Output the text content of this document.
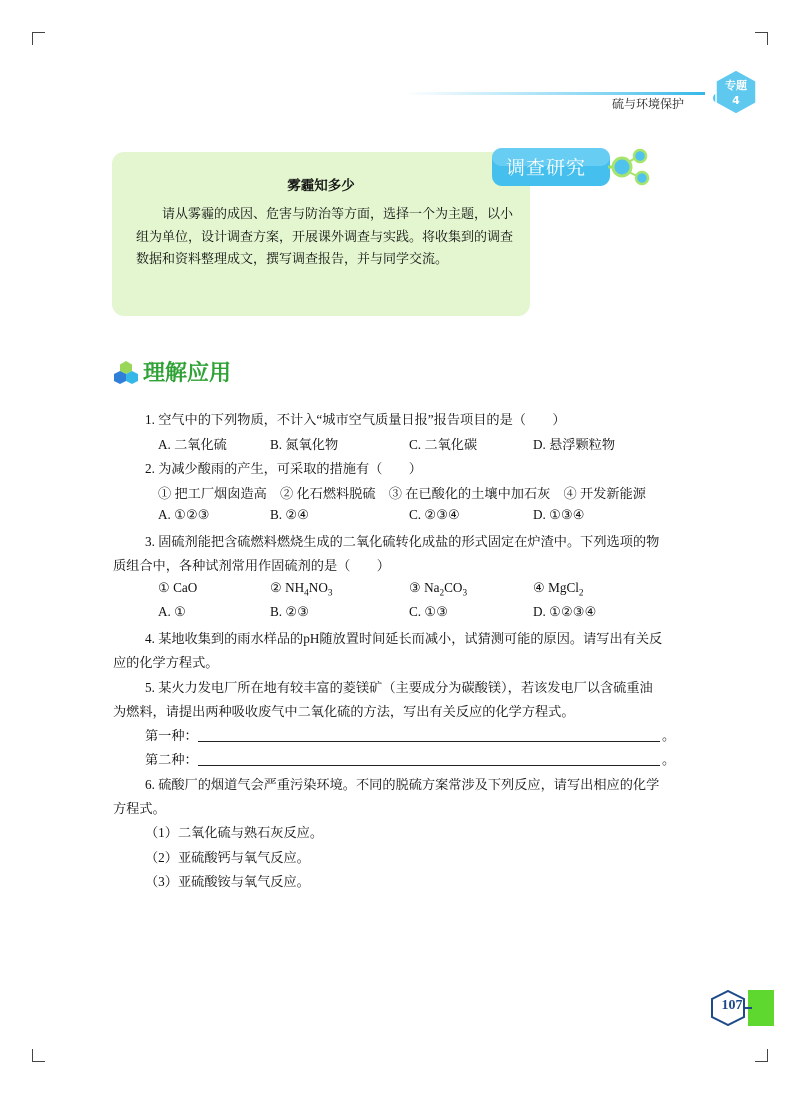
硫与环境保护
专题
4
雾霾知多少
请从雾霾的成因、危害与防治等方面，选择一个为主题，以小组为单位，设计调查方案，开展课外调查与实践。将收集到的调查数据和资料整理成文，撰写调查报告，并与同学交流。
调查研究
理解应用
1. 空气中的下列物质，不计入“城市空气质量日报”报告项目的是（　　）
A. 二氧化硫	B. 氮氧化物	C. 二氧化碳	D. 悬浮颗粒物
2. 为减少酸雨的产生，可采取的措施有（　　）
① 把工厂烟囱造高　② 化石燃料脱硫　③ 在已酸化的土壤中加石灰　④ 开发新能源
A. ①②③	B. ②④	C. ②③④	D. ①③④
3. 固硫剂能把含硫燃料燃烧生成的二氧化硫转化成盐的形式固定在炉渣中。下列选项的物
质组合中，各种试剂常用作固硫剂的是（　　）
① CaO	② $NH_4NO_3$	③ $Na_2CO_3$	④ MgCl$_2$
A. ①	B. ②③	C. ①③	D. ①②③④
4. 某地收集到的雨水样品的pH随放置时间延长而减小，试猜测可能的原因。请写出有关反
应的化学方程式。
5. 某火力发电厂所在地有较丰富的菱镁矿（主要成分为碳酸镁），若该发电厂以含硫重油
为燃料，请提出两种吸收废气中二氧化硫的方法，写出有关反应的化学方程式。
第一种：	。
第二种：	。
6. 硫酸厂的烟道气会严重污染环境。不同的脱硫方案常涉及下列反应，请写出相应的化学
方程式。
（1）二氧化硫与熟石灰反应。
（2）亚硫酸钙与氧气反应。
（3）亚硫酸铵与氧气反应。
107
